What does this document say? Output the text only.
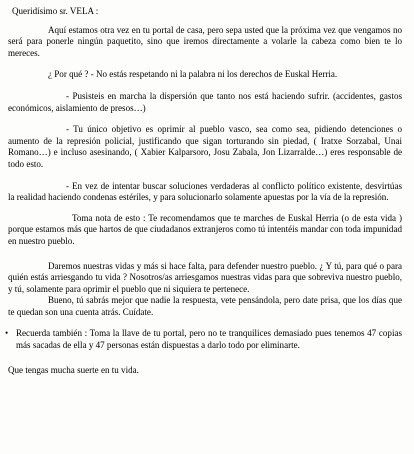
Queridísimo sr. VELA :

Aquí estamos otra vez en tu portal de casa, pero sepa usted que la próxima vez que vengamos no será para ponerle ningún paquetito, sino que iremos directamente a volarle la cabeza como bien te lo mereces.

¿ Por qué ? - No estás respetando ni la palabra ni los derechos de Euskal Herria.

- Pusisteis en marcha la dispersión que tanto nos está haciendo sufrir. (accidentes, gastos económicos, aislamiento de presos…)

- Tu único objetivo es oprimir al pueblo vasco, sea como sea, pidiendo detenciones o aumento de la represión policial, justificando que sigan torturando sin piedad, ( Iratxe Sorzabal, Unai Romano…) e incluso asesinando, ( Xabier Kalparsoro, Josu Zabala, Jon Lizarralde…) eres responsable de todo esto.

- En vez de intentar buscar soluciones verdaderas al conflicto político existente, desvirtúas la realidad haciendo condenas estériles, y para solucionarlo solamente apuestas por la vía de la represión.

Toma nota de esto : Te recomendamos que te marches de Euskal Herria (o de esta vida ) porque estamos más que hartos de que ciudadanos extranjeros como tú intentéis mandar con toda impunidad en nuestro pueblo.

Daremos nuestras vidas y más si hace falta, para defender nuestro pueblo. ¿ Y tú, para qué o para quién estás arriesgando tu vida ? Nosotros/as arriesgamos nuestras vidas para que sobreviva nuestro pueblo, y tú, solamente para oprimir el pueblo que ni siquiera te pertenece.

Bueno, tú sabrás mejor que nadie la respuesta, vete pensándola, pero date prisa, que los días que te quedan son una cuenta atrás. Cuídate.

• Recuerda también : Toma la llave de tu portal, pero no te tranquilices demasiado pues tenemos 47 copias más sacadas de ella y 47 personas están dispuestas a darlo todo por eliminarte.

Que tengas mucha suerte en tu vida.
